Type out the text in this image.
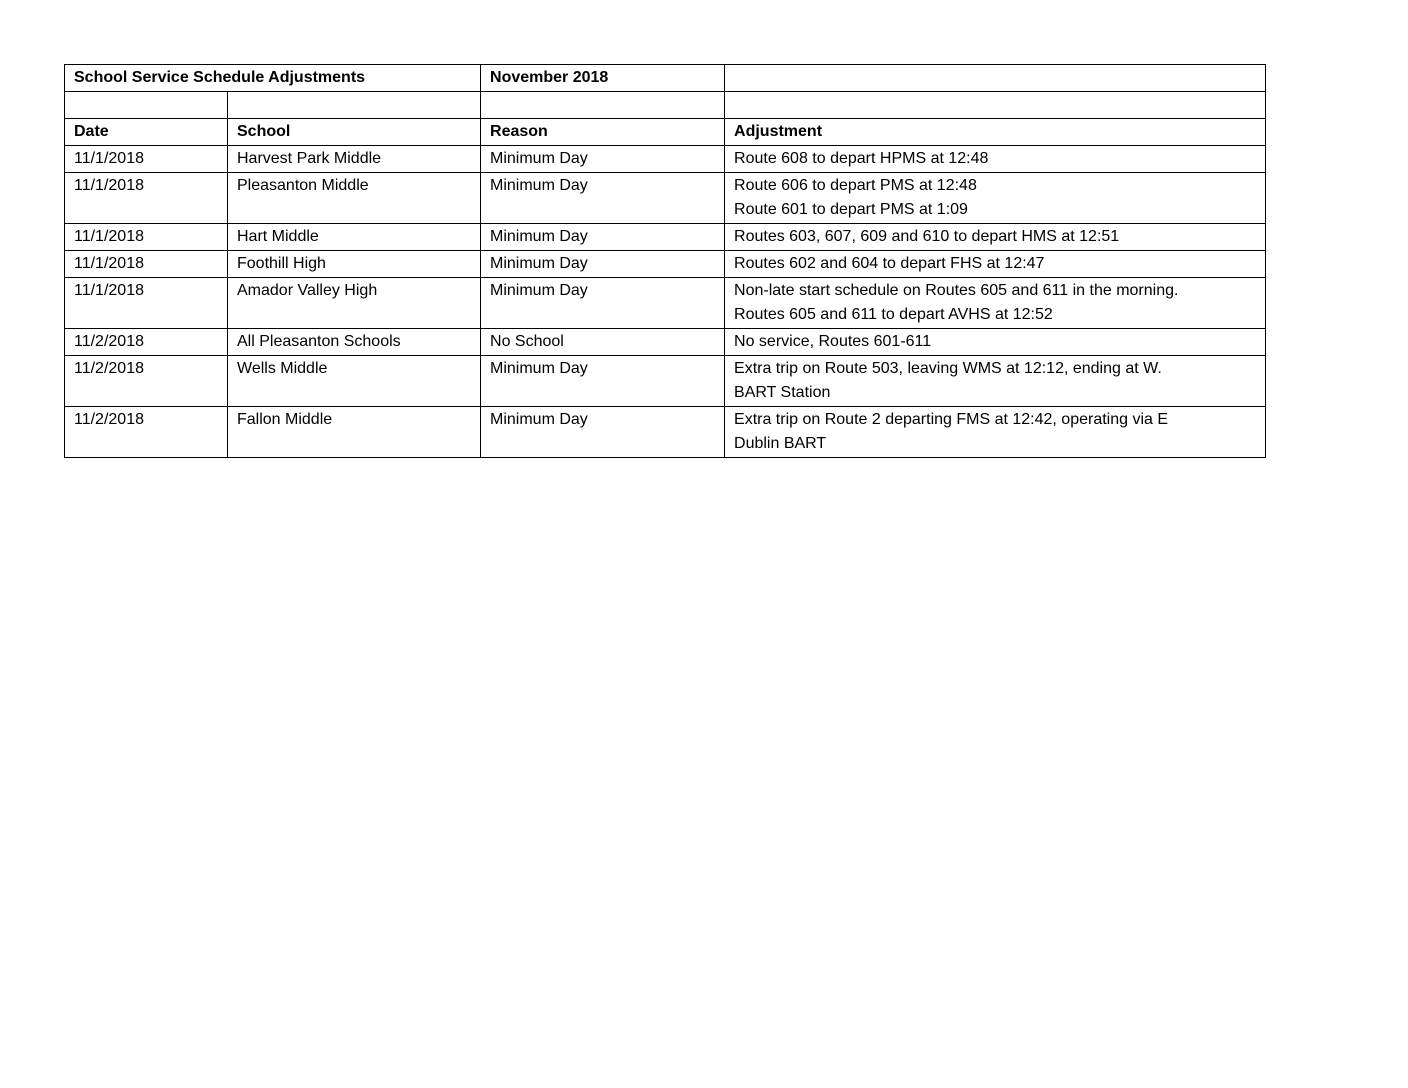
School Service Schedule Adjustments		November 2018	

Date	School	Reason	Adjustment
11/1/2018	Harvest Park Middle	Minimum Day	Route 608 to depart HPMS at 12:48
11/1/2018	Pleasanton Middle	Minimum Day	Route 606 to depart PMS at 12:48
Route 601 to depart PMS at 1:09
11/1/2018	Hart Middle	Minimum Day	Routes 603, 607, 609 and 610 to depart HMS at 12:51
11/1/2018	Foothill High	Minimum Day	Routes 602 and 604 to depart FHS at 12:47
11/1/2018	Amador Valley High	Minimum Day	Non-late start schedule on Routes 605 and 611 in the morning.
Routes 605 and 611 to depart AVHS at 12:52
11/2/2018	All Pleasanton Schools	No School	No service, Routes 601-611
11/2/2018	Wells Middle	Minimum Day	Extra trip on Route 503, leaving WMS at 12:12, ending at W.
BART Station
11/2/2018	Fallon Middle	Minimum Day	Extra trip on Route 2 departing FMS at 12:42, operating via E
Dublin BART
